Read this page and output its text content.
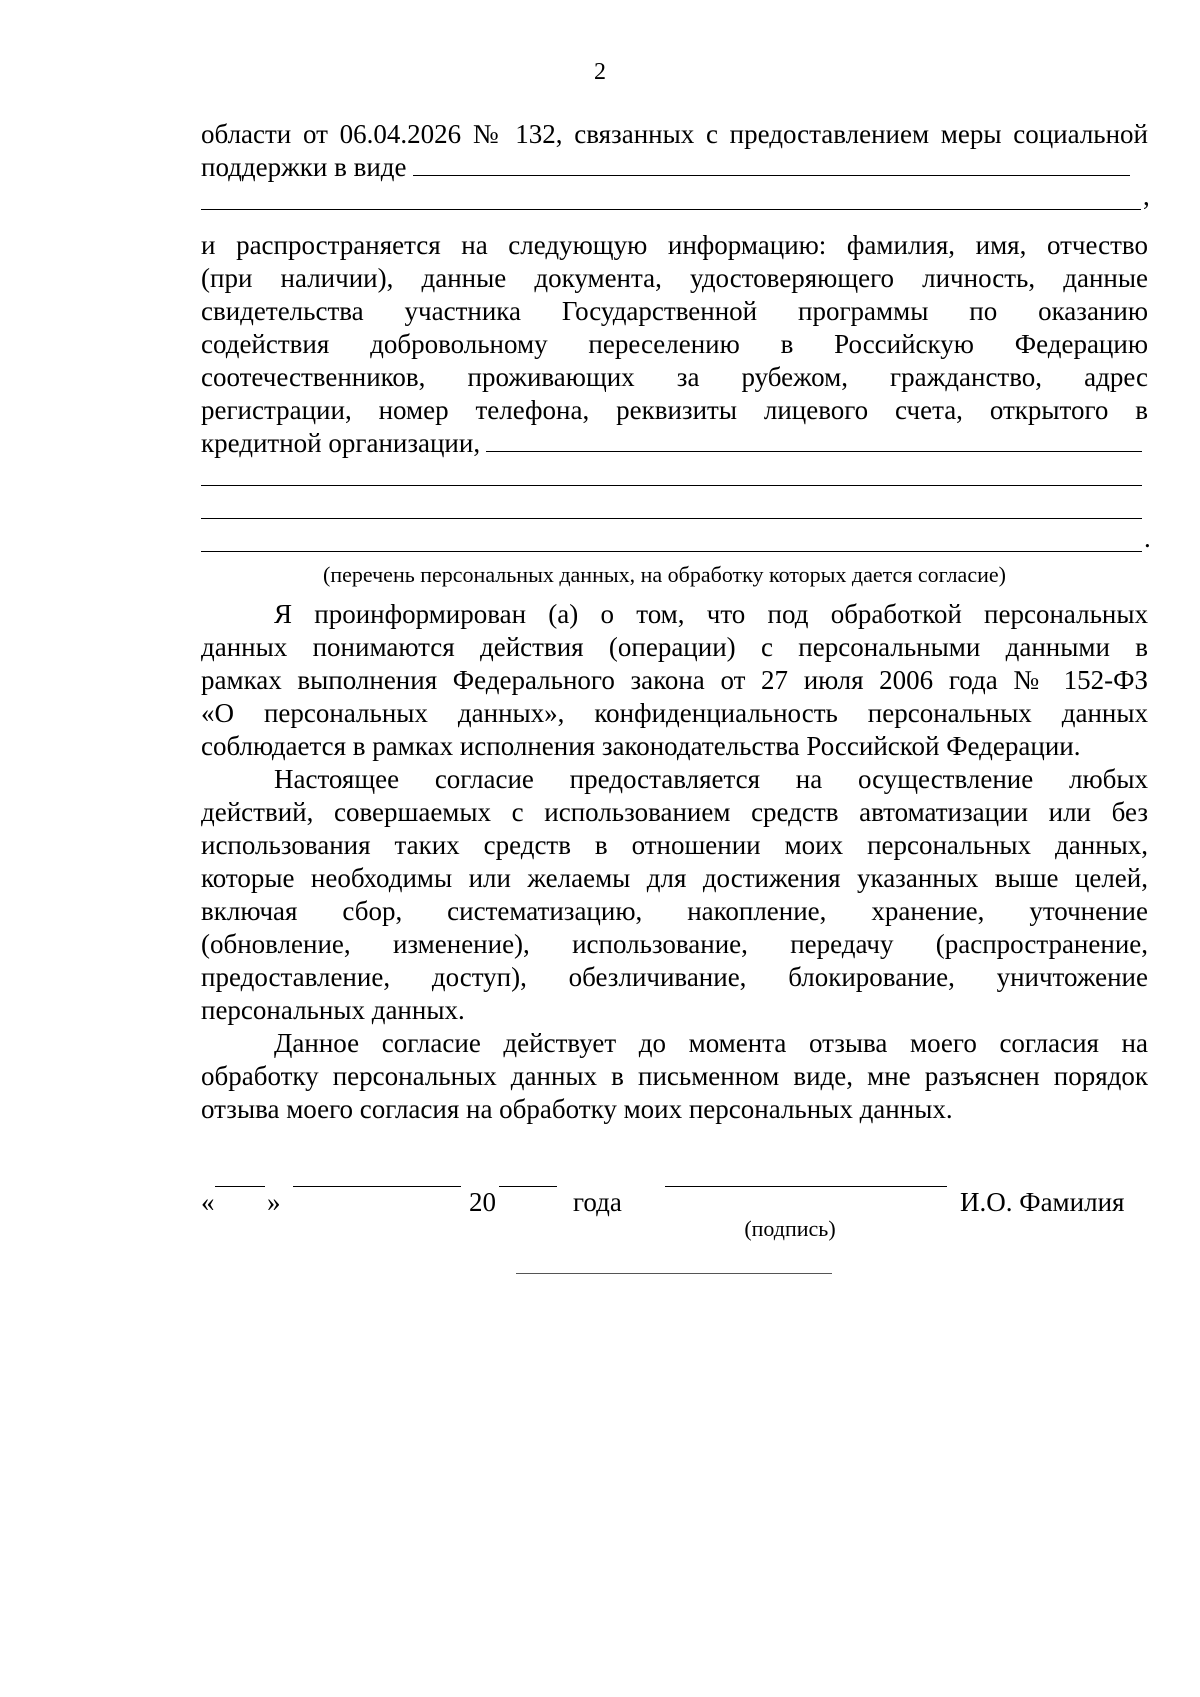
2
области от 06.04.2026 № 132, связанных с предоставлением меры социальной
поддержки в виде
,
и распространяется на следующую информацию: фамилия, имя, отчество
(при наличии), данные документа, удостоверяющего личность, данные
свидетельства участника Государственной программы по оказанию
содействия добровольному переселению в Российскую Федерацию
соотечественников, проживающих за рубежом, гражданство, адрес
регистрации, номер телефона, реквизиты лицевого счета, открытого в
кредитной организации,
.
(перечень персональных данных, на обработку которых дается согласие)
Я проинформирован (а) о том, что под обработкой персональных
данных понимаются действия (операции) с персональными данными в
рамках выполнения Федерального закона от 27 июля 2006 года № 152-ФЗ
«О персональных данных», конфиденциальность персональных данных
соблюдается в рамках исполнения законодательства Российской Федерации.
Настоящее согласие предоставляется на осуществление любых
действий, совершаемых с использованием средств автоматизации или без
использования таких средств в отношении моих персональных данных,
которые необходимы или желаемы для достижения указанных выше целей,
включая сбор, систематизацию, накопление, хранение, уточнение
(обновление, изменение), использование, передачу (распространение,
предоставление, доступ), обезличивание, блокирование, уничтожение
персональных данных.
Данное согласие действует до момента отзыва моего согласия на
обработку персональных данных в письменном виде, мне разъяснен порядок
отзыва моего согласия на обработку моих персональных данных.
« »	20	года	И.О. Фамилия
(подпись)
